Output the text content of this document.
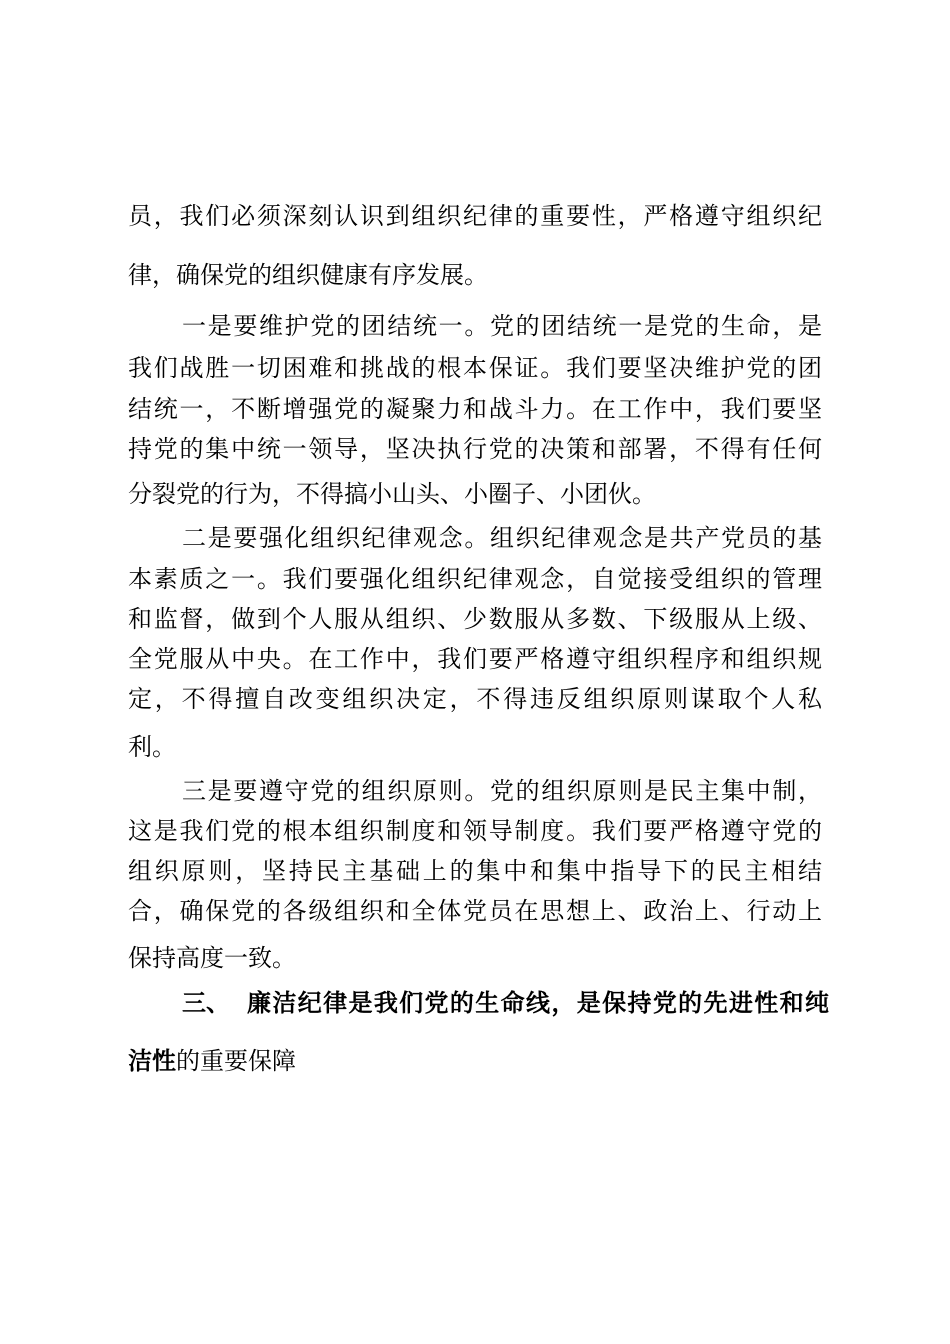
员，我们必须深刻认识到组织纪律的重要性，严格遵守组织纪
律，确保党的组织健康有序发展。
一是要维护党的团结统一。党的团结统一是党的生命，是
我们战胜一切困难和挑战的根本保证。我们要坚决维护党的团
结统一，不断增强党的凝聚力和战斗力。在工作中，我们要坚
持党的集中统一领导，坚决执行党的决策和部署，不得有任何
分裂党的行为，不得搞小山头、小圈子、小团伙。
二是要强化组织纪律观念。组织纪律观念是共产党员的基
本素质之一。我们要强化组织纪律观念，自觉接受组织的管理
和监督，做到个人服从组织、少数服从多数、下级服从上级、
全党服从中央。在工作中，我们要严格遵守组织程序和组织规
定，不得擅自改变组织决定，不得违反组织原则谋取个人私
利。
三是要遵守党的组织原则。党的组织原则是民主集中制，
这是我们党的根本组织制度和领导制度。我们要严格遵守党的
组织原则，坚持民主基础上的集中和集中指导下的民主相结
合，确保党的各级组织和全体党员在思想上、政治上、行动上
保持高度一致。
三、 廉洁纪律是我们党的生命线，是保持党的先进性和纯
洁性的重要保障
